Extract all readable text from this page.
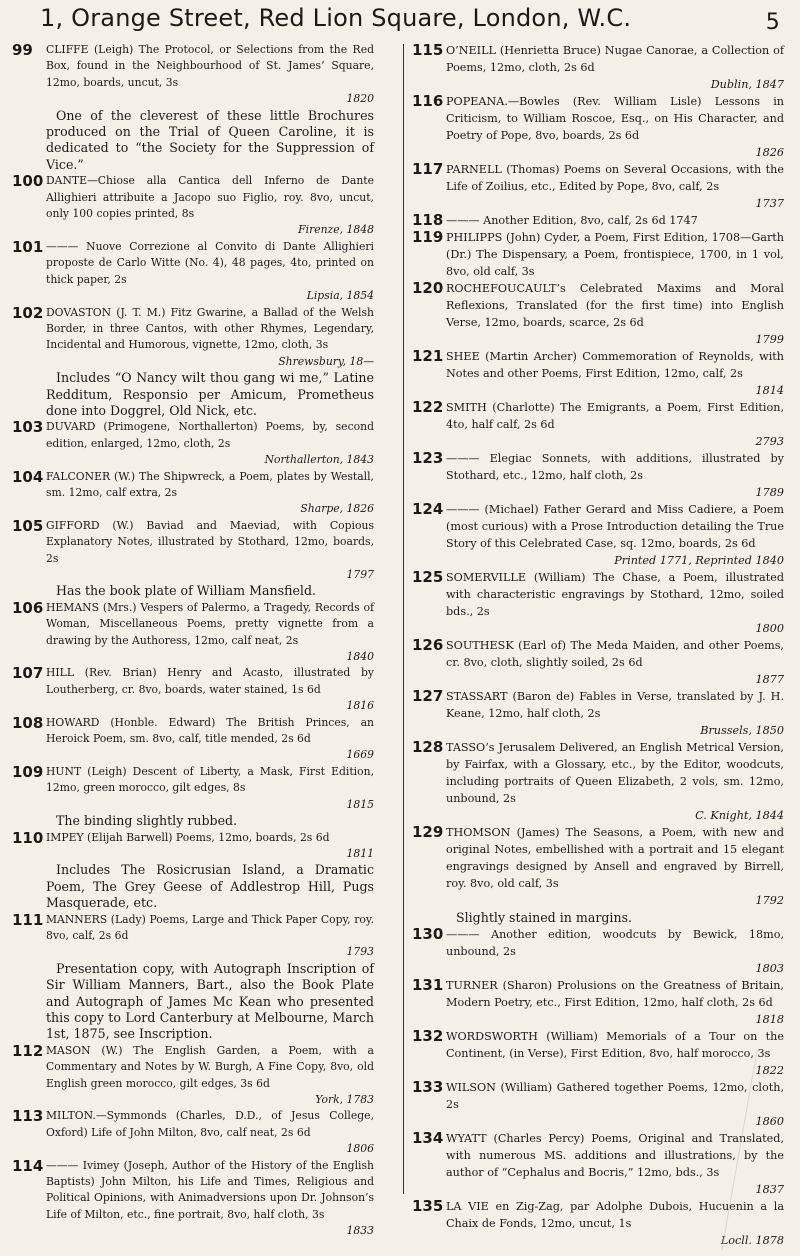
1, Orange Street, Red Lion Square, London, W.C.	5
99	CLIFFE (Leigh) The Protocol, or Selections from the Red Box, found in the Neighbourhood of St. James’ Square, 12mo, boards, uncut, 3s
1820
One of the cleverest of these little Brochures produced on the Trial of Queen Caroline, it is dedicated to “the Society for the Suppression of Vice.”
100 DANTE—Chiose alla Cantica dell Inferno de Dante Allighieri attribuite a Jacopo suo Figlio, roy. 8vo, uncut, only 100 copies printed, 8s
Firenze, 1848
101 ——— Nuove Correzione al Convito di Dante Allighieri proposte de Carlo Witte (No. 4), 48 pages, 4to, printed on thick paper, 2s
Lipsia, 1854
102 DOVASTON (J. T. M.) Fitz Gwarine, a Ballad of the Welsh Border, in three Cantos, with other Rhymes, Legendary, Incidental and Humorous, vignette, 12mo, cloth, 3s
Shrewsbury, 18—
Includes “O Nancy wilt thou gang wi me,” Latine Redditum, Responsio per Amicum, Prometheus done into Doggrel, Old Nick, etc.
103 DUVARD (Primogene, Northallerton) Poems, by, second edition, enlarged, 12mo, cloth, 2s
Northallerton, 1843
104 FALCONER (W.) The Shipwreck, a Poem, plates by Westall, sm. 12mo, calf extra, 2s
Sharpe, 1826
105 GIFFORD (W.) Baviad and Maeviad, with Copious Explanatory Notes, illustrated by Stothard, 12mo, boards, 2s
1797
Has the book plate of William Mansfield.
106 HEMANS (Mrs.) Vespers of Palermo, a Tragedy, Records of Woman, Miscellaneous Poems, pretty vignette from a drawing by the Authoress, 12mo, calf neat, 2s
1840
107 HILL (Rev. Brian) Henry and Acasto, illustrated by Loutherberg, cr. 8vo, boards, water stained, 1s 6d
1816
108 HOWARD (Honble. Edward) The British Princes, an Heroick Poem, sm. 8vo, calf, title mended, 2s 6d
1669
109 HUNT (Leigh) Descent of Liberty, a Mask, First Edition, 12mo, green morocco, gilt edges, 8s
1815
The binding slightly rubbed.
110 IMPEY (Elijah Barwell) Poems, 12mo, boards, 2s 6d
1811
Includes The Rosicrusian Island, a Dramatic Poem, The Grey Geese of Addlestrop Hill, Pugs Masquerade, etc.
111 MANNERS (Lady) Poems, Large and Thick Paper Copy, roy. 8vo, calf, 2s 6d
1793
Presentation copy, with Autograph Inscription of Sir William Manners, Bart., also the Book Plate and Autograph of James Mc Kean who presented this copy to Lord Canterbury at Melbourne, March 1st, 1875, see Inscription.
112 MASON (W.) The English Garden, a Poem, with a Commentary and Notes by W. Burgh, A Fine Copy, 8vo, old English green morocco, gilt edges, 3s 6d
York, 1783
113 MILTON.—Symmonds (Charles, D.D., of Jesus College, Oxford) Life of John Milton, 8vo, calf neat, 2s 6d
1806
114 ——— Ivimey (Joseph, Author of the History of the English Baptists) John Milton, his Life and Times, Religious and Political Opinions, with Animadversions upon Dr. Johnson’s Life of Milton, etc., fine portrait, 8vo, half cloth, 3s
1833
115 O’NEILL (Henrietta Bruce) Nugae Canorae, a Collection of Poems, 12mo, cloth, 2s 6d
Dublin, 1847
116 POPEANA.—Bowles (Rev. William Lisle) Lessons in Criticism, to William Roscoe, Esq., on His Character, and Poetry of Pope, 8vo, boards, 2s 6d
1826
117 PARNELL (Thomas) Poems on Several Occasions, with the Life of Zoilius, etc., Edited by Pope, 8vo, calf, 2s
1737
118 ——— Another Edition, 8vo, calf, 2s 6d 1747
119 PHILIPPS (John) Cyder, a Poem, First Edition, 1708—Garth (Dr.) The Dispensary, a Poem, frontispiece, 1700, in 1 vol, 8vo, old calf, 3s
120 ROCHEFOUCAULT’s Celebrated Maxims and Moral Reflexions, Translated (for the first time) into English Verse, 12mo, boards, scarce, 2s 6d
1799
121 SHEE (Martin Archer) Commemoration of Reynolds, with Notes and other Poems, First Edition, 12mo, calf, 2s
1814
122 SMITH (Charlotte) The Emigrants, a Poem, First Edition, 4to, half calf, 2s 6d
2793
123 ——— Elegiac Sonnets, with additions, illustrated by Stothard, etc., 12mo, half cloth, 2s
1789
124 ——— (Michael) Father Gerard and Miss Cadiere, a Poem (most curious) with a Prose Introduction detailing the True Story of this Celebrated Case, sq. 12mo, boards, 2s 6d
Printed 1771, Reprinted 1840
125 SOMERVILLE (William) The Chase, a Poem, illustrated with characteristic engravings by Stothard, 12mo, soiled bds., 2s
1800
126 SOUTHESK (Earl of) The Meda Maiden, and other Poems, cr. 8vo, cloth, slightly soiled, 2s 6d
1877
127 STASSART (Baron de) Fables in Verse, translated by J. H. Keane, 12mo, half cloth, 2s
Brussels, 1850
128 TASSO’s Jerusalem Delivered, an English Metrical Version, by Fairfax, with a Glossary, etc., by the Editor, woodcuts, including portraits of Queen Elizabeth, 2 vols, sm. 12mo, unbound, 2s
C. Knight, 1844
129 THOMSON (James) The Seasons, a Poem, with new and original Notes, embellished with a portrait and 15 elegant engravings designed by Ansell and engraved by Birrell, roy. 8vo, old calf, 3s
1792
Slightly stained in margins.
130 ——— Another edition, woodcuts by Bewick, 18mo, unbound, 2s
1803
131 TURNER (Sharon) Prolusions on the Greatness of Britain, Modern Poetry, etc., First Edition, 12mo, half cloth, 2s 6d
1818
132 WORDSWORTH (William) Memorials of a Tour on the Continent, (in Verse), First Edition, 8vo, half morocco, 3s
1822
133 WILSON (William) Gathered together Poems, 12mo, cloth, 2s
1860
134 WYATT (Charles Percy) Poems, Original and Translated, with numerous MS. additions and illustrations, by the author of “Cephalus and Bocris,” 12mo, bds., 3s
1837
135 LA VIE en Zig-Zag, par Adolphe Dubois, Hucuenin a la Chaix de Fonds, 12mo, uncut, 1s
Locll. 1878
